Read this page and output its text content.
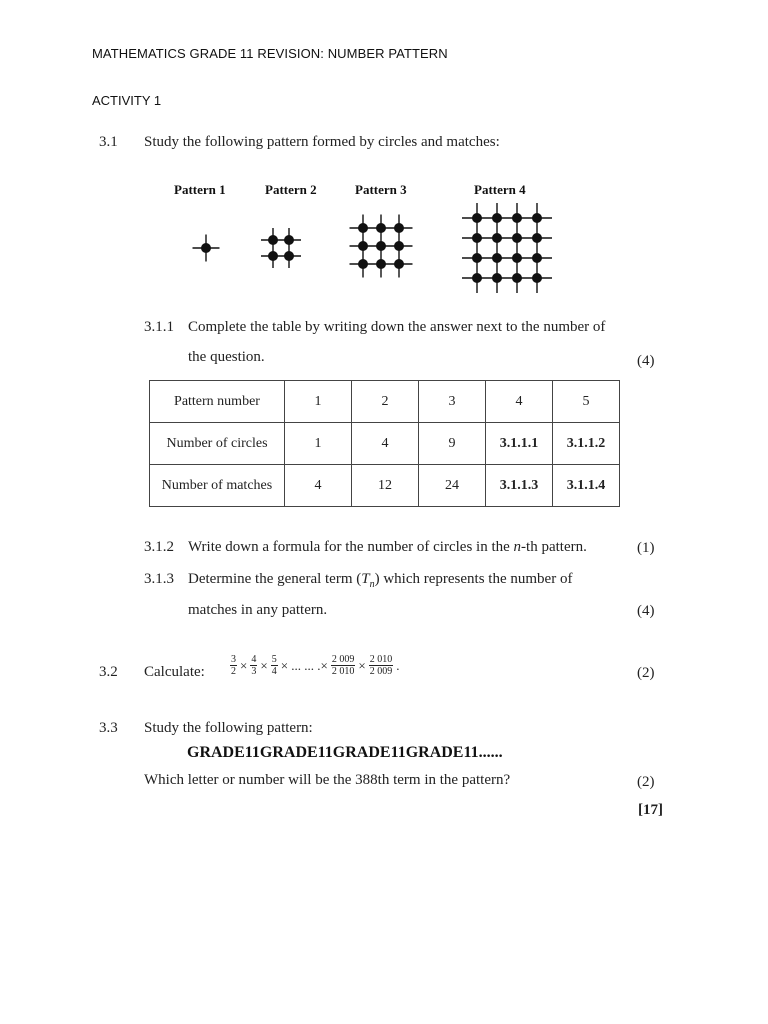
MATHEMATICS GRADE 11 REVISION: NUMBER PATTERN
ACTIVITY 1
3.1 Study the following pattern formed by circles and matches:
Pattern 1	Pattern 2	Pattern 3	Pattern 4
3.1.1 Complete the table by writing down the answer next to the number of
the question.	(4)
Pattern number	1	2	3	4	5
Number of circles	1	4	9	3.1.1.1	3.1.1.2
Number of matches	4	12	24	3.1.1.3	3.1.1.4
3.1.2 Write down a formula for the number of circles in the n-th pattern.	(1)
3.1.3 Determine the general term $(T_n)$ which represents the number of
matches in any pattern.	(4)
3.2 Calculate:	$\frac{3}{2} \times \frac{4}{3} \times \frac{5}{4}$ × ... ... .× $\frac{2 009}{2 010} \times \frac{2 010}{2 009}$ .	(2)
3.3 Study the following pattern:
GRADE11GRADE11GRADE11GRADE11......
Which letter or number will be the 388th term in the pattern?	(2)
[17]
